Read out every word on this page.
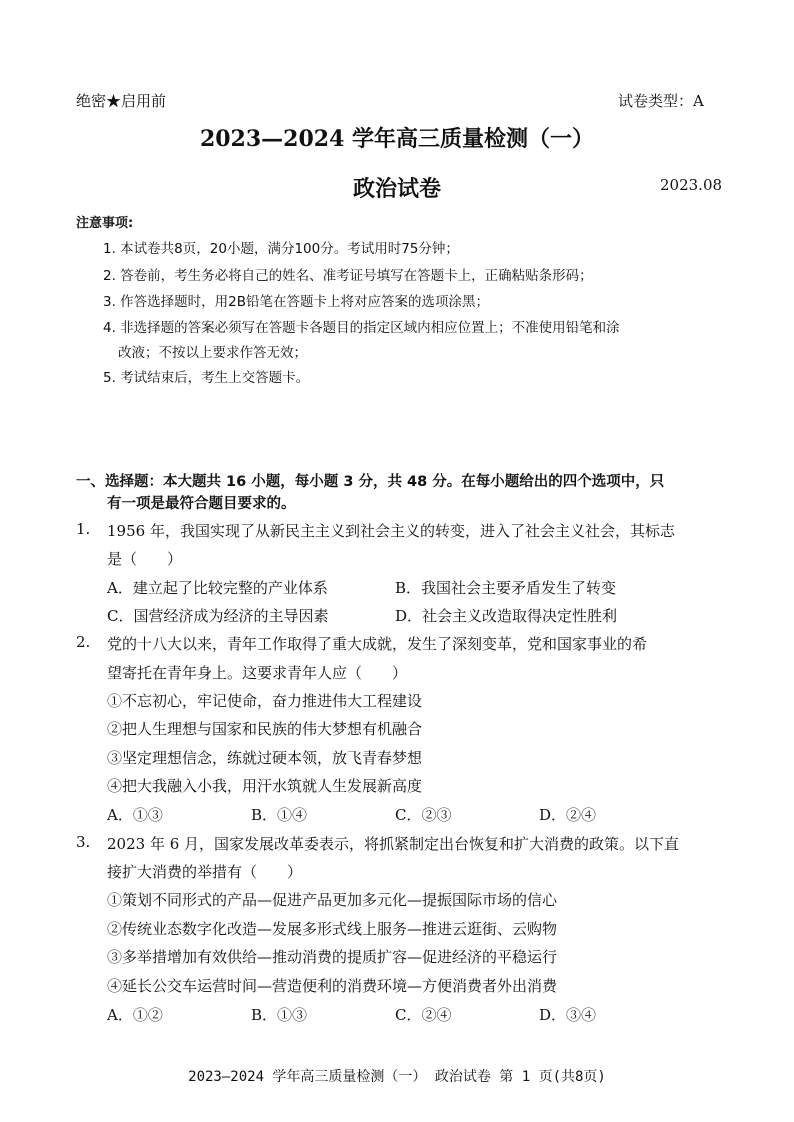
绝密★启用前	试卷类型：A
2023—2024 学年高三质量检测（一）
政治试卷	2023.08
注意事项:
1. 本试卷共8页，20小题，满分100分。考试用时75分钟；
2. 答卷前，考生务必将自己的姓名、准考证号填写在答题卡上，正确粘贴条形码；
3. 作答选择题时，用2B铅笔在答题卡上将对应答案的选项涂黑；
4. 非选择题的答案必须写在答题卡各题目的指定区域内相应位置上；不准使用铅笔和涂
改液；不按以上要求作答无效；
5. 考试结束后，考生上交答题卡。
一、选择题：本大题共 16 小题，每小题 3 分，共 48 分。在每小题给出的四个选项中，只
有一项是最符合题目要求的。
1. 1956 年，我国实现了从新民主主义到社会主义的转变，进入了社会主义社会，其标志
是（　　）
A．建立起了比较完整的产业体系	B．我国社会主要矛盾发生了转变
C．国营经济成为经济的主导因素	D．社会主义改造取得决定性胜利
2. 党的十八大以来，青年工作取得了重大成就，发生了深刻变革，党和国家事业的希
望寄托在青年身上。这要求青年人应（　　）
①不忘初心，牢记使命，奋力推进伟大工程建设
②把人生理想与国家和民族的伟大梦想有机融合
③坚定理想信念，练就过硬本领，放飞青春梦想
④把大我融入小我，用汗水筑就人生发展新高度
A．①③	B．①④	C．②③	D．②④
3. 2023 年 6 月，国家发展改革委表示，将抓紧制定出台恢复和扩大消费的政策。以下直
接扩大消费的举措有（　　）
①策划不同形式的产品—促进产品更加多元化—提振国际市场的信心
②传统业态数字化改造—发展多形式线上服务—推进云逛街、云购物
③多举措增加有效供给—推动消费的提质扩容—促进经济的平稳运行
④延长公交车运营时间—营造便利的消费环境—方便消费者外出消费
A．①②	B．①③	C．②④	D．③④
2023—2024 学年高三质量检测（一） 政治试卷 第 1 页(共8页)
